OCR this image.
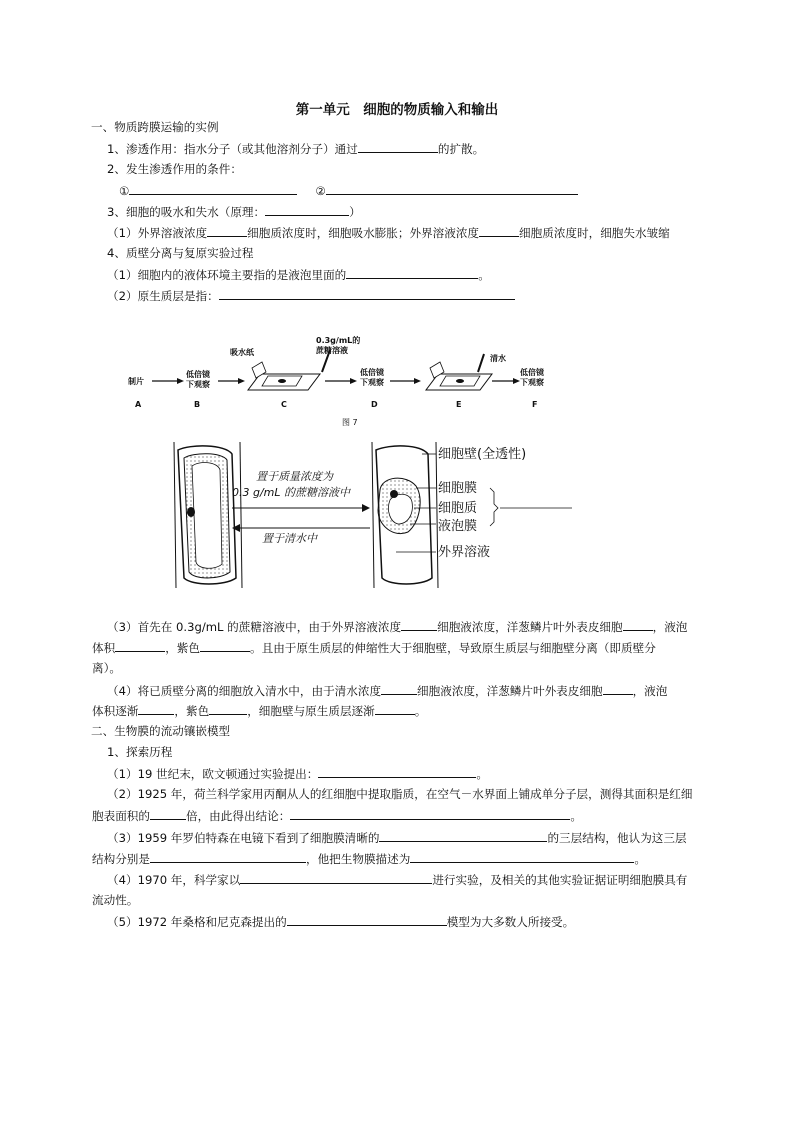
第一单元　细胞的物质输入和输出
一、物质跨膜运输的实例
1、渗透作用：指水分子（或其他溶剂分子）通过	的扩散。
2、发生渗透作用的条件：
①	②
3、细胞的吸水和失水（原理：	）
（1）外界溶液浓度	细胞质浓度时，细胞吸水膨胀；外界溶液浓度	细胞质浓度时，细胞失水皱缩
4、质壁分离与复原实验过程
（1）细胞内的液体环境主要指的是液泡里面的	。
（2）原生质层是指：
制片
A
低倍镜
下观察
B
吸水纸
0.3g/mL的
蔗糖溶液
C
低倍镜
下观察
D
清水
E
低倍镜
下观察
F
图 7
置于质量浓度为
0.3 g/mL 的蔗糖溶液中
置于清水中
细胞壁(全透性)
细胞膜
细胞质
液泡膜
外界溶液
（3）首先在 0.3g/mL 的蔗糖溶液中，由于外界溶液浓度	细胞液浓度，洋葱鳞片叶外表皮细胞	，液泡
体积	，紫色	。且由于原生质层的伸缩性大于细胞壁，导致原生质层与细胞壁分离（即质壁分
离）。
（4）将已质壁分离的细胞放入清水中，由于清水浓度	细胞液浓度，洋葱鳞片叶外表皮细胞	，液泡
体积逐渐	，紫色	，细胞壁与原生质层逐渐	。
二、生物膜的流动镶嵌模型
1、探索历程
（1）19 世纪末，欧文顿通过实验提出：	。
（2）1925 年，荷兰科学家用丙酮从人的红细胞中提取脂质，在空气－水界面上铺成单分子层，测得其面积是红细
胞表面积的	倍，由此得出结论：	。
（3）1959 年罗伯特森在电镜下看到了细胞膜清晰的	的三层结构，他认为这三层
结构分别是	，他把生物膜描述为	。
（4）1970 年，科学家以	进行实验，及相关的其他实验证据证明细胞膜具有
流动性。
（5）1972 年桑格和尼克森提出的	模型为大多数人所接受。
